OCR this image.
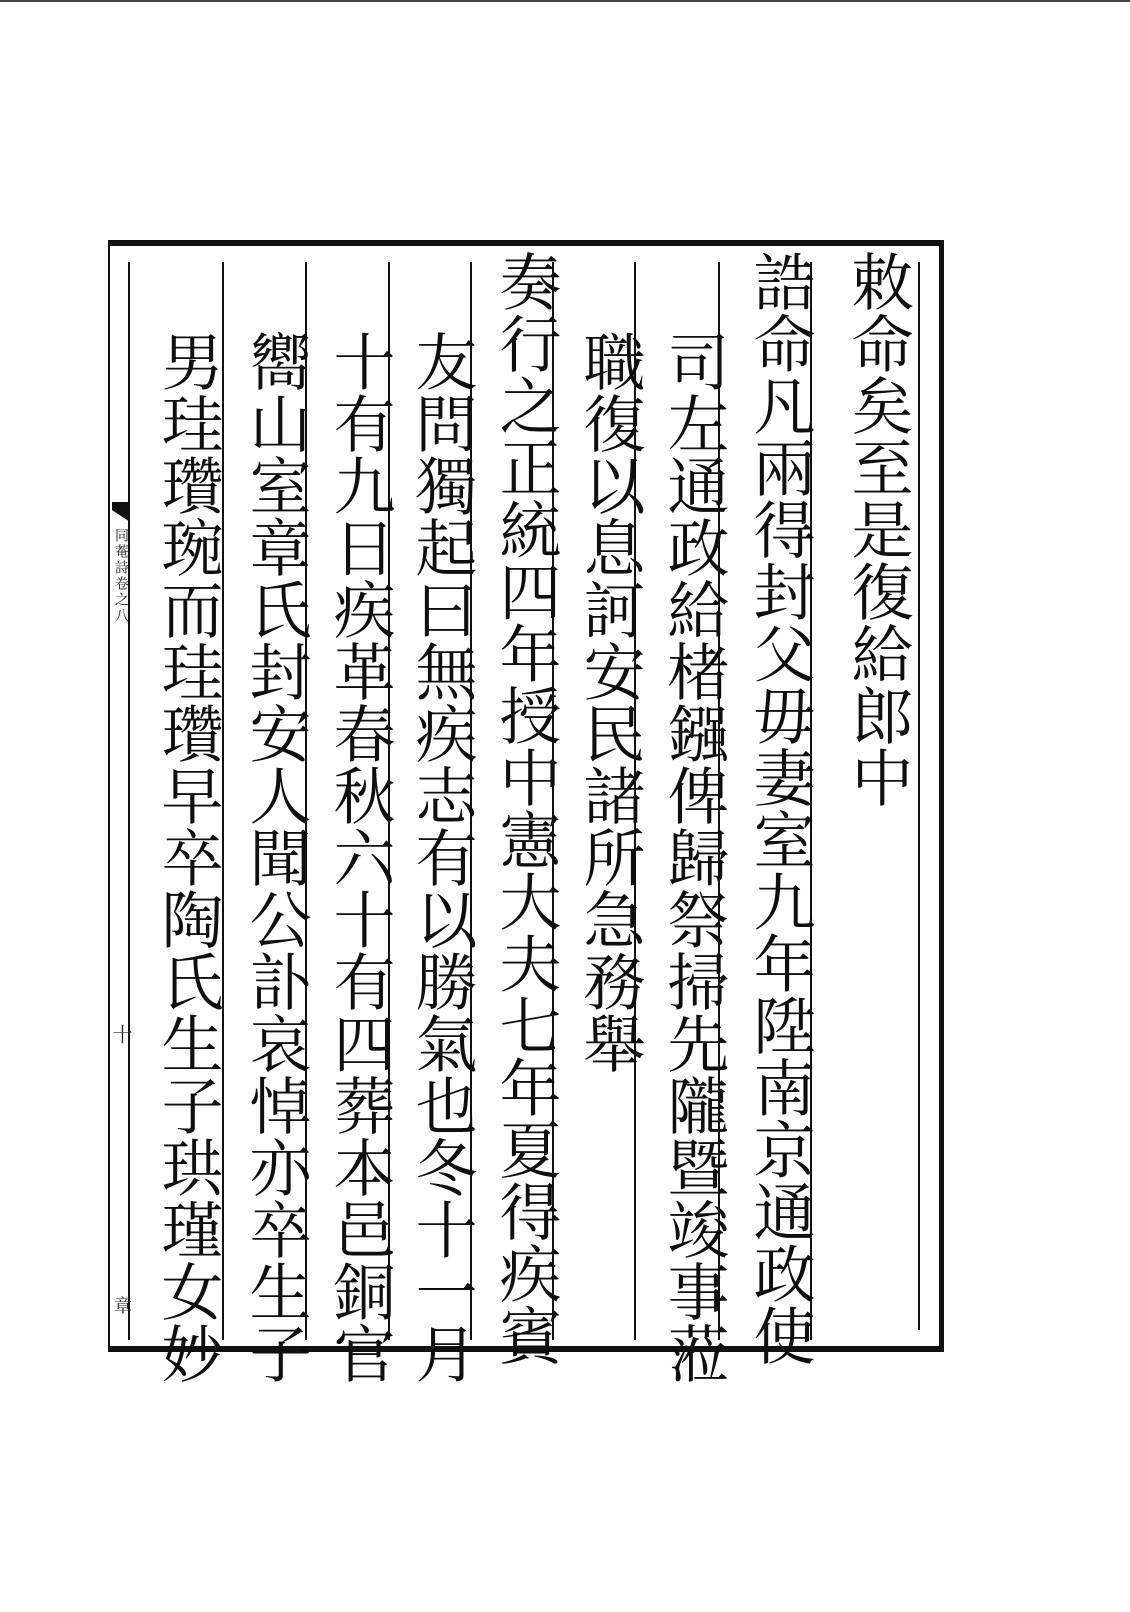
同菴詩卷之八
十
章
敕命矣至是復給郎中
誥命凡兩得封父毋妻室九年陞南京通政使
司左通政給楮鏹俾歸祭掃先隴暨竣事蒞
職復以息訶安民諸所急務舉
奏行之正統四年授中憲大夫七年夏得疾賓
友問獨起曰無疾志有以勝氣也冬十一月
十有九日疾革春秋六十有四葬本邑銅官
嚮山室章氏封安人聞公訃哀悼亦卒生子
男珪瓚琬而珪瓚早卒陶氏生子珙瑾女妙
